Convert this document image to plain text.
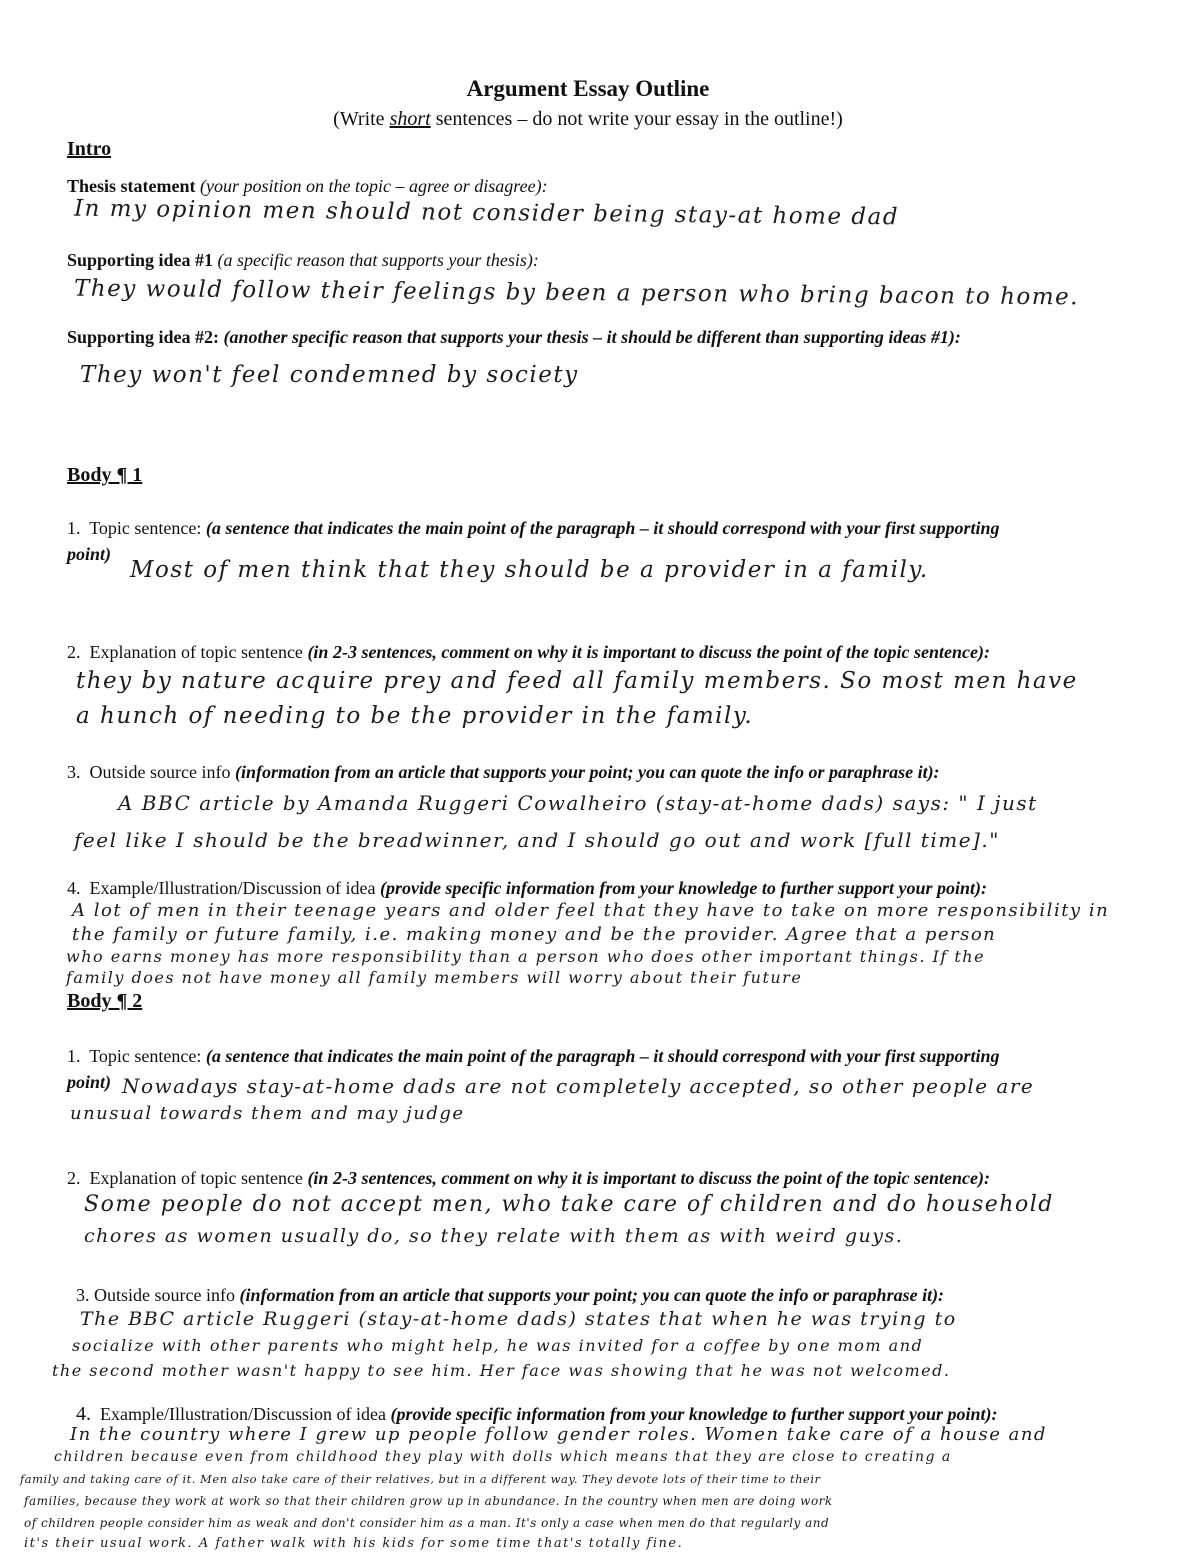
Argument Essay Outline
(Write short sentences – do not write your essay in the outline!)
Intro
Thesis statement (your position on the topic – agree or disagree):
In my opinion men should not consider being stay-at home dad
Supporting idea #1 (a specific reason that supports your thesis):
They would follow their feelings by been a person who bring bacon to home.
Supporting idea #2: (another specific reason that supports your thesis – it should be different than supporting ideas #1):
They won't feel condemned by society
Body ¶ 1
1. Topic sentence: (a sentence that indicates the main point of the paragraph – it should correspond with your first supporting
point)
Most of men think that they should be a provider in a family.
2. Explanation of topic sentence (in 2-3 sentences, comment on why it is important to discuss the point of the topic sentence):
they by nature acquire prey and feed all family members. So most men have
a hunch of needing to be the provider in the family.
3. Outside source info (information from an article that supports your point; you can quote the info or paraphrase it):
A BBC article by Amanda Ruggeri Cowalheiro (stay-at-home dads) says: " I just
feel like I should be the breadwinner, and I should go out and work [full time]."
4. Example/Illustration/Discussion of idea (provide specific information from your knowledge to further support your point):
A lot of men in their teenage years and older feel that they have to take on more responsibility in
the family or future family, i.e. making money and be the provider. Agree that a person
who earns money has more responsibility than a person who does other important things. If the
family does not have money all family members will worry about their future
Body ¶ 2
1. Topic sentence: (a sentence that indicates the main point of the paragraph – it should correspond with your first supporting
point) Nowadays stay-at-home dads are not completely accepted, so other people are
unusual towards them and may judge
2. Explanation of topic sentence (in 2-3 sentences, comment on why it is important to discuss the point of the topic sentence):
Some people do not accept men, who take care of children and do household
chores as women usually do, so they relate with them as with weird guys.
3. Outside source info (information from an article that supports your point; you can quote the info or paraphrase it):
The BBC article Ruggeri (stay-at-home dads) states that when he was trying to
socialize with other parents who might help, he was invited for a coffee by one mom and
the second mother wasn't happy to see him. Her face was showing that he was not welcomed.
4. Example/Illustration/Discussion of idea (provide specific information from your knowledge to further support your point):
In the country where I grew up people follow gender roles. Women take care of a house and
children because even from childhood they play with dolls which means that they are close to creating a
family and taking care of it. Men also take care of their relatives, but in a different way. They devote lots of their time to their
families, because they work at work so that their children grow up in abundance. In the country when men are doing work
of children people consider him as weak and don't consider him as a man. It's only a case when men do that regularly and
it's their usual work. A father walk with his kids for some time that's totally fine.
